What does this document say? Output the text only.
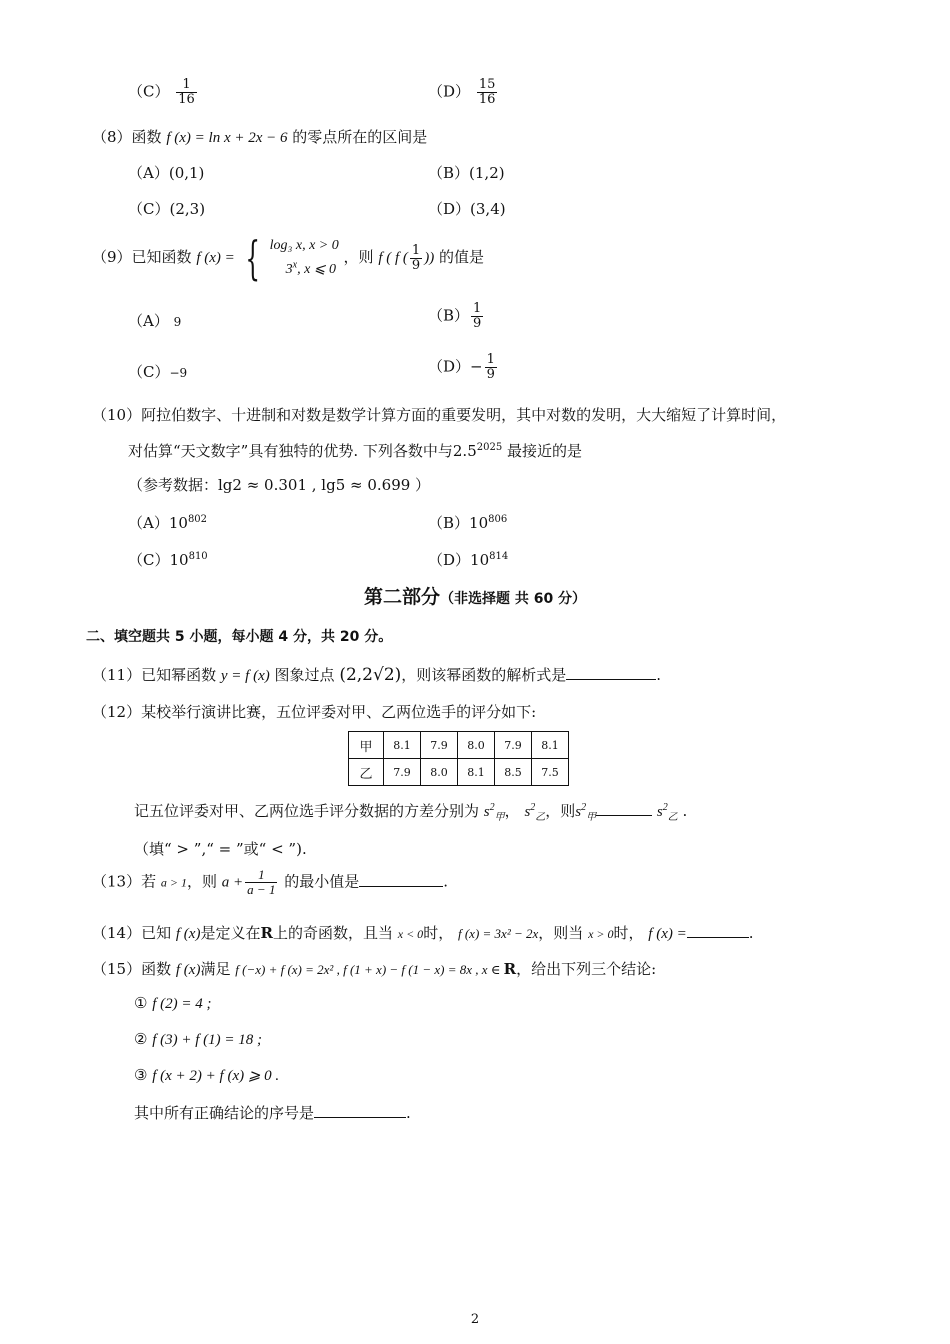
$(C) \frac{1}{16}$	$(D) \frac{15}{16}$
（8）函数 f (x) = ln x + 2x − 6 的零点所在的区间是
（A）(0,1)	（B）(1,2)
（C）(2,3)	（D）(3,4)
（9）已知函数 f (x) = { log₃ x, x > 0
3$^x$, x ⩽ 0
，则 f ( f ( $\frac{1}{9}$ )) 的值是
（A） 9	$(B) \frac{1}{9}$
（C）−9	$(D)- \frac{1}{9}$
（10）阿拉伯数字、十进制和对数是数学计算方面的重要发明，其中对数的发明，大大缩短了计算时间，
对估算“天文数字”具有独特的优势. 下列各数中与$2.5^{2025}$ 最接近的是
（参考数据：lg2 ≈ 0.301 , lg5 ≈ 0.699 ）
$(A)10^{802}$	$(B)10^{806}$
$(C)10^{810}$	$(D)10^{814}$
第二部分（非选择题 共 60 分）
二、填空题共 5 小题，每小题 4 分，共 20 分。
（11）已知幂函数 y = f (x) 图象过点 (2,2√2)，则该幂函数的解析式是	.
（12）某校举行演讲比赛，五位评委对甲、乙两位选手的评分如下:
甲	8.1	7.9	8.0	7.9	8.1
乙	7.9	8.0	8.1	8.5	7.5
记五位评委对甲、乙两位选手评分数据的方差分别为 $s^2_甲$， $s^2_乙$，则$s^2_甲$	$s^2_乙$ .
（填“ > ”,“ = ”或“ < ”).
（13）若 a > 1，则 $a + \frac{1}{a - 1}$ 的最小值是	.
（14）已知 f (x)是定义在R上的奇函数，且当 x < 0时， f (x) = 3x² − 2x，则当 x > 0时， f (x) =	.
（15）函数 f (x)满足 f (−x) + f (x) = 2x² , f (1 + x) − f (1 − x) = 8x , x ∈ R，给出下列三个结论:
① f (2) = 4 ;
② f (3) + f (1) = 18 ;
③ f (x + 2) + f (x) ⩾ 0 .
其中所有正确结论的序号是	.
2
